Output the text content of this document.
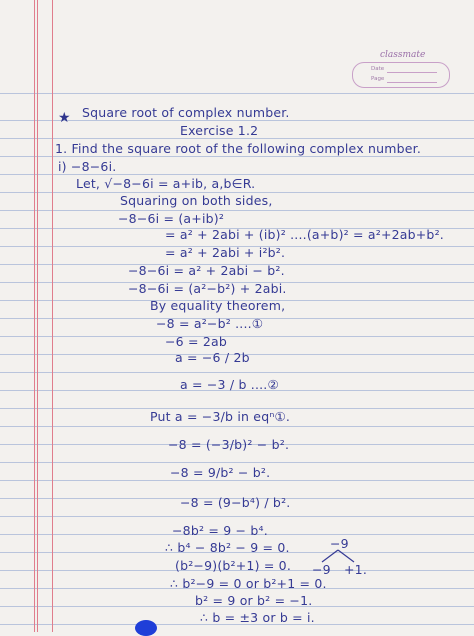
classmate
Date
Page
★ Square root of complex number.
Exercise 1.2
1. Find the square root of the following complex number.
i) −8−6i.
Let, √−8−6i = a+ib, a,b∈R.
Squaring on both sides,
−8−6i = (a+ib)²
= a² + 2abi + (ib)² ....(a+b)² = a²+2ab+b².
= a² + 2abi + i²b².
−8−6i = a² + 2abi − b².
−8−6i = (a²−b²) + 2abi.
By equality theorem,
−8 = a²−b² ....①
−6 = 2ab
a = −6 / 2b
a = −3 / b ....②
Put a = −3/b in eqⁿ①.
−8 = (−3/b)² − b².
−8 = 9/b² − b².
−8 = (9−b⁴) / b².
−8b² = 9 − b⁴.
∴ b⁴ − 8b² − 9 = 0.
(b²−9)(b²+1) = 0.
∴ b²−9 = 0 or b²+1 = 0.
b² = 9 or b² = −1.
∴ b = ±3 or b = i.
−9
−9 +1.
